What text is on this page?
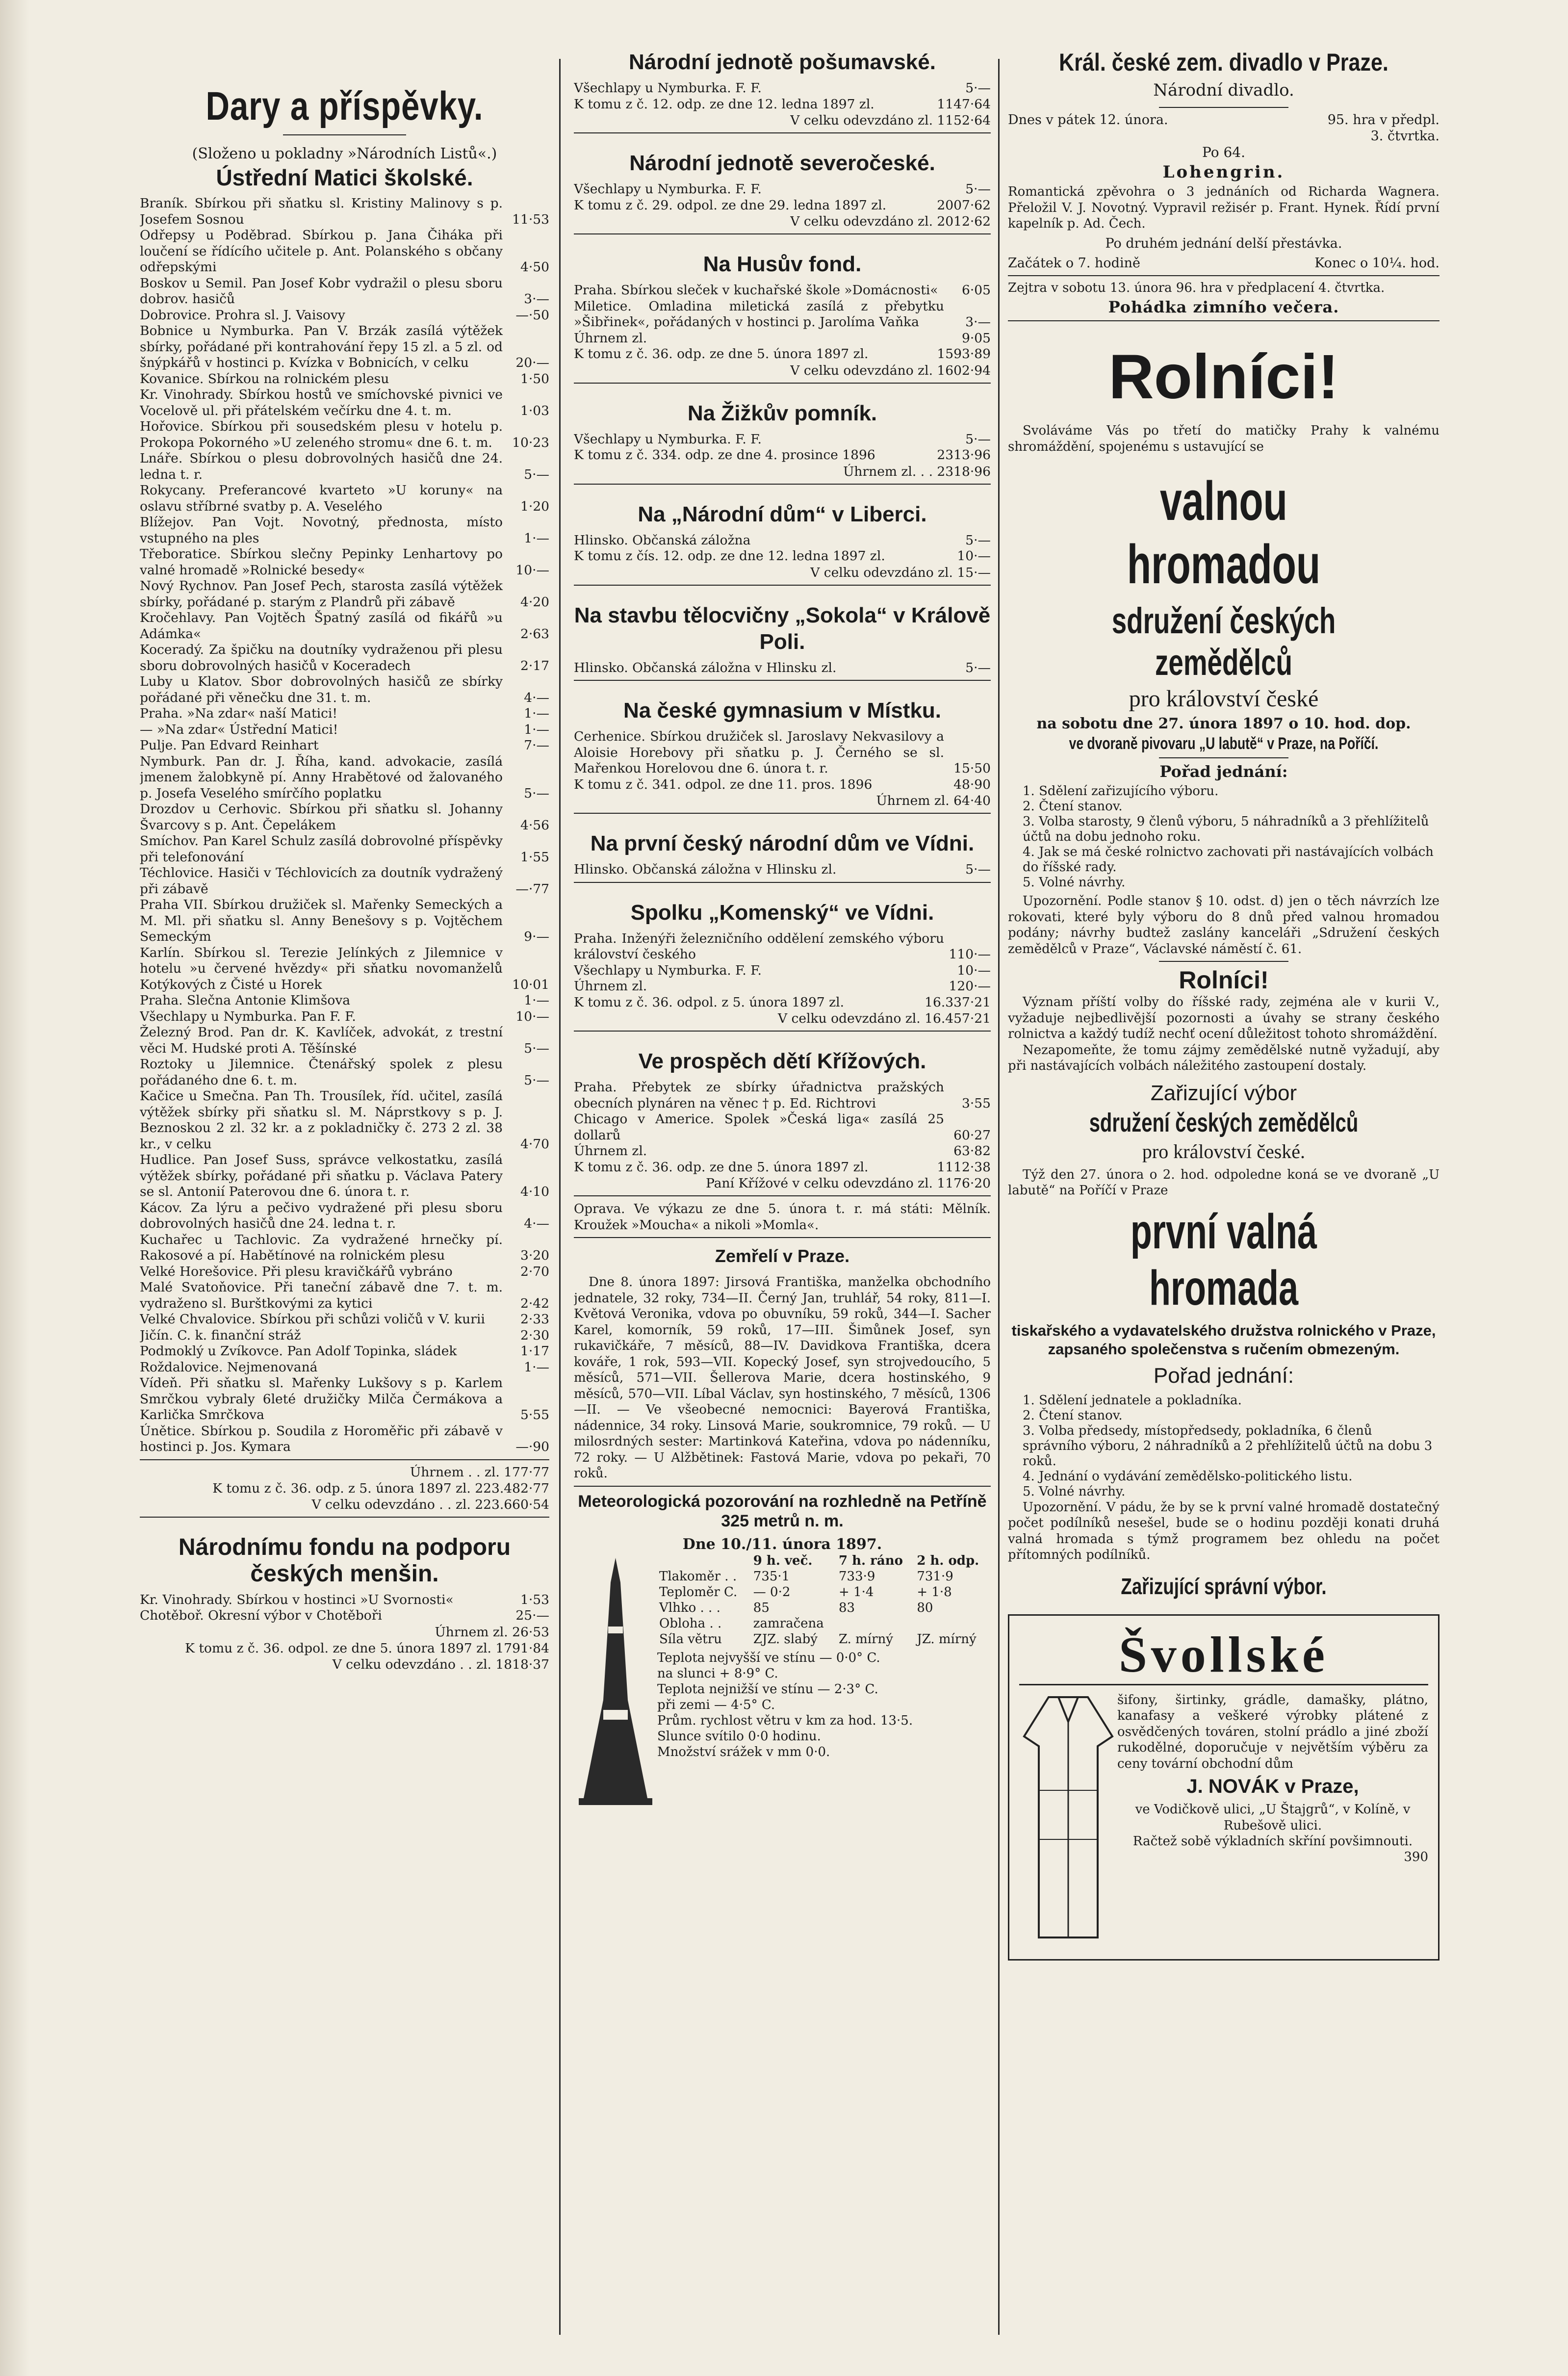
Dary a příspěvky.
(Složeno u pokladny »Národních Listů«.)
Ústřední Matici školské.
Braník. Sbírkou při sňatku sl. Kristiny Malinovy s p. Josefem Sosnou	11·53
Odřepsy u Poděbrad. Sbírkou p. Jana Čiháka při loučení se řídícího učitele p. Ant. Polanského s občany odřepskými	4·50
Boskov u Semil. Pan Josef Kobr vydražil o plesu sboru dobrov. hasičů	3·—
Dobrovice. Prohra sl. J. Vaisovy	—·50
Bobnice u Nymburka. Pan V. Brzák zasílá výtěžek sbírky, pořádané při kontrahování řepy 15 zl. a 5 zl. od šnýpkářů v hostinci p. Kvízka v Bobnicích, v celku	20·—
Kovanice. Sbírkou na rolnickém plesu	1·50
Kr. Vinohrady. Sbírkou hostů ve smíchovské pivnici ve Vocelově ul. při přátelském večírku dne 4. t. m.	1·03
Hořovice. Sbírkou při sousedském plesu v hotelu p. Prokopa Pokorného »U zeleného stromu« dne 6. t. m. 10·23
Lnáře. Sbírkou o plesu dobrovolných hasičů dne 24. ledna t. r.	5·—
Rokycany. Preferancové kvarteto »U koruny« na oslavu stříbrné svatby p. A. Veselého	1·20
Blížejov. Pan Vojt. Novotný, přednosta, místo vstupného na ples	1·—
Třeboratice. Sbírkou slečny Pepinky Lenhartovy po valné hromadě »Rolnické besedy«	10·—
Nový Rychnov. Pan Josef Pech, starosta zasílá výtěžek sbírky, pořádané p. starým z Plandrů při zábavě	4·20
Kročehlavy. Pan Vojtěch Špatný zasílá od fikářů »u Adámka«	2·63
Koceradý. Za špičku na doutníky vydraženou při plesu sboru dobrovolných hasičů v Koceradech	2·17
Luby u Klatov. Sbor dobrovolných hasičů ze sbírky pořádané při věnečku dne 31. t. m.	4·—
Praha. »Na zdar« naší Matici!	1·—
— »Na zdar« Ústřední Matici!	1·—
Pulje. Pan Edvard Reinhart	7·—
Nymburk. Pan dr. J. Říha, kand. advokacie, zasílá jmenem žalobkyně pí. Anny Hrabětové od žalovaného p. Josefa Veselého smírčího poplatku	5·—
Drozdov u Cerhovic. Sbírkou při sňatku sl. Johanny Švarcovy s p. Ant. Čepelákem	4·56
Smíchov. Pan Karel Schulz zasílá dobrovolné příspěvky při telefonování	1·55
Téchlovice. Hasiči v Téchlovicích za doutník vydražený při zábavě	—·77
Praha VII. Sbírkou družiček sl. Mařenky Semeckých a M. Ml. při sňatku sl. Anny Benešovy s p. Vojtěchem Semeckým	9·—
Karlín. Sbírkou sl. Terezie Jelínkých z Jilemnice v hotelu »u červené hvězdy« při sňatku novomanželů Kotýkových z Čisté u Horek	10·01
Praha. Slečna Antonie Klimšova	1·—
Všechlapy u Nymburka. Pan F. F.	10·—
Železný Brod. Pan dr. K. Kavlíček, advokát, z trestní věci M. Hudské proti A. Těšínské	5·—
Roztoky u Jilemnice. Čtenářský spolek z plesu pořádaného dne 6. t. m.	5·—
Kačice u Smečna. Pan Th. Trousílek, říd. učitel, zasílá výtěžek sbírky při sňatku sl. M. Náprstkovy s p. J. Beznoskou 2 zl. 32 kr. a z pokladničky č. 273 2 zl. 38 kr., v celku	4·70
Hudlice. Pan Josef Suss, správce velkostatku, zasílá výtěžek sbírky, pořádané při sňatku p. Václava Patery se sl. Antonií Paterovou dne 6. února t. r.	4·10
Kácov. Za lýru a pečivo vydražené při plesu sboru dobrovolných hasičů dne 24. ledna t. r.	4·—
Kuchařec u Tachlovic. Za vydražené hrnečky pí. Rakosové a pí. Habětínové na rolnickém plesu	3·20
Velké Horešovice. Při plesu kravičkářů vybráno	2·70
Malé Svatoňovice. Při taneční zábavě dne 7. t. m. vydraženo sl. Burštkovými za kytici	2·42
Velké Chvalovice. Sbírkou při schůzi voličů v V. kurii	2·33
Jičín. C. k. finanční stráž	2·30
Podmoklý u Zvíkovce. Pan Adolf Topinka, sládek	1·17
Roždalovice. Nejmenovaná	1·—
Vídeň. Při sňatku sl. Mařenky Lukšovy s p. Karlem Smrčkou vybraly 6leté družičky Milča Čermákova a Karlička Smrčkova	5·55
Únětice. Sbírkou p. Soudila z Horoměřic při zábavě v hostinci p. Jos. Kymara	—·90
Úhrnem . . zl. 177·77
K tomu z č. 36. odp. z 5. února 1897 zl. 223.482·77
V celku odevzdáno . . zl. 223.660·54
Národnímu fondu na podporu českých menšin.
Kr. Vinohrady. Sbírkou v hostinci »U Svornosti«	1·53
Chotěboř. Okresní výbor v Chotěboři	25·—
Úhrnem zl. 26·53
K tomu z č. 36. odpol. ze dne 5. února 1897 zl. 1791·84
V celku odevzdáno . . zl. 1818·37
Národní jednotě pošumavské.
Všechlapy u Nymburka. F. F.	5·—
K tomu z č. 12. odp. ze dne 12. ledna 1897 zl.	1147·64
V celku odevzdáno zl. 1152·64
Národní jednotě severočeské.
Všechlapy u Nymburka. F. F.	5·—
K tomu z č. 29. odpol. ze dne 29. ledna 1897 zl.	2007·62
V celku odevzdáno zl. 2012·62
Na Husův fond.
Praha. Sbírkou sleček v kuchařské škole »Domácnosti« 6·05
Miletice. Omladina miletická zasílá z přebytku »Šibřinek«, pořádaných v hostinci p. Jarolíma Vaňka	3·—
Úhrnem zl.	9·05
K tomu z č. 36. odp. ze dne 5. února 1897 zl.	1593·89
V celku odevzdáno zl. 1602·94
Na Žižkův pomník.
Všechlapy u Nymburka. F. F.	5·—
K tomu z č. 334. odp. ze dne 4. prosince 1896	2313·96
Úhrnem zl. . . 2318·96
Na „Národní dům“ v Liberci.
Hlinsko. Občanská záložna	5·—
K tomu z čís. 12. odp. ze dne 12. ledna 1897 zl.	10·—
V celku odevzdáno zl. 15·—
Na stavbu tělocvičny „Sokola“ v Králově Poli.
Hlinsko. Občanská záložna v Hlinsku zl.	5·—
Na české gymnasium v Místku.
Cerhenice. Sbírkou družiček sl. Jaroslavy Nekvasilovy a Aloisie Horebovy při sňatku p. J. Černého se sl. Mařenkou Horelovou dne 6. února t. r.	15·50
K tomu z č. 341. odpol. ze dne 11. pros. 1896	48·90
Úhrnem zl. 64·40
Na první český národní dům ve Vídni.
Hlinsko. Občanská záložna v Hlinsku zl.	5·—
Spolku „Komenský“ ve Vídni.
Praha. Inženýři železničního oddělení zemského výboru království českého	110·—
Všechlapy u Nymburka. F. F.	10·—
Úhrnem zl.	120·—
K tomu z č. 36. odpol. z 5. února 1897 zl.	16.337·21
V celku odevzdáno zl. 16.457·21
Ve prospěch dětí Křížových.
Praha. Přebytek ze sbírky úřadnictva pražských obecních plynáren na věnec † p. Ed. Richtrovi	3·55
Chicago v Americe. Spolek »Česká liga« zasílá 25 dollarů	60·27
Úhrnem zl.	63·82
K tomu z č. 36. odp. ze dne 5. února 1897 zl.	1112·38
Paní Křížové v celku odevzdáno zl. 1176·20
Oprava. Ve výkazu ze dne 5. února t. r. má státi: Mělník. Kroužek »Moucha« a nikoli »Momla«.
Zemřelí v Praze.
Dne 8. února 1897: Jirsová Františka, manželka obchodního jednatele, 32 roky, 734—II. Černý Jan, truhlář, 54 roky, 811—I. Květová Veronika, vdova po obuvníku, 59 roků, 344—I. Sacher Karel, komorník, 59 roků, 17—III. Šimůnek Josef, syn rukavičkáře, 7 měsíců, 88—IV. Davidkova Františka, dcera kováře, 1 rok, 593—VII. Kopecký Josef, syn strojvedoucího, 5 měsíců, 571—VII. Šellerova Marie, dcera hostinského, 9 měsíců, 570—VII. Líbal Václav, syn hostinského, 7 měsíců, 1306—II. — Ve všeobecné nemocnici: Bayerová Františka, nádennice, 34 roky. Linsová Marie, soukromnice, 79 roků. — U milosrdných sester: Martinková Kateřina, vdova po nádenníku, 72 roky. — U Alžbětinek: Fastová Marie, vdova po pekaři, 70 roků.
Meteorologická pozorování na rozhledně na Petříně 325 metrů n. m.
Dne 10./11. února 1897.
	9 h. več.	7 h. ráno	2 h. odp.
Tlakoměr . .	735·1	733·9	731·9
Teploměr C.	— 0·2	+ 1·4	+ 1·8
Vlhko . . .	85	83	80
Obloha . .	zamračena		
Síla větru	ZJZ. slabý	Z. mírný	JZ. mírný
Teplota nejvyšší ve stínu — 0·0° C.
na slunci + 8·9° C.
Teplota nejnižší ve stínu — 2·3° C.
při zemi — 4·5° C.
Prům. rychlost větru v km za hod. 13·5.
Slunce svítilo 0·0 hodinu.
Množství srážek v mm 0·0.
Král. české zem. divadlo v Praze.
Národní divadlo.
Dnes v pátek 12. února.	95. hra v předpl. 3. čtvrtka.
Po 64.
Lohengrin.
Romantická zpěvohra o 3 jednáních od Richarda Wagnera. Přeložil V. J. Novotný. Vypravil režisér p. Frant. Hynek. Řídí první kapelník p. Ad. Čech.
Po druhém jednání delší přestávka.
Začátek o 7. hodině	Konec o 10¼. hod.
Zejtra v sobotu 13. února 96. hra v předplacení 4. čtvrtka.
Pohádka zimního večera.
Rolníci!
Svoláváme Vás po třetí do matičky Prahy k valnému shromáždění, spojenému s ustavující se
valnou hromadou
sdružení českých zemědělců
pro království české
na sobotu dne 27. února 1897 o 10. hod. dop.
ve dvoraně pivovaru „U labutě“ v Praze, na Poříčí.
Pořad jednání:
1. Sdělení zařizujícího výboru.
2. Čtení stanov.
3. Volba starosty, 9 členů výboru, 5 náhradníků a 3 přehlížitelů účtů na dobu jednoho roku.
4. Jak se má české rolnictvo zachovati při nastávajících volbách do říšské rady.
5. Volné návrhy.
Upozornění. Podle stanov § 10. odst. d) jen o těch návrzích lze rokovati, které byly výboru do 8 dnů před valnou hromadou podány; návrhy budtež zaslány kanceláři „Sdružení českých zemědělců v Praze“, Václavské náměstí č. 61.
Rolníci!
Význam příští volby do říšské rady, zejména ale v kurii V., vyžaduje nejbedlivější pozornosti a úvahy se strany českého rolnictva a každý tudíž nechť ocení důležitost tohoto shromáždění.
Nezapomeňte, že tomu zájmy zemědělské nutně vyžadují, aby při nastávajících volbách náležitého zastoupení dostaly.
Zařizující výbor
sdružení českých zemědělců
pro království české.
Týž den 27. února o 2. hod. odpoledne koná se ve dvoraně „U labutě“ na Poříčí v Praze
první valná hromada
tiskařského a vydavatelského družstva rolnického v Praze, zapsaného společenstva s ručením obmezeným.
Pořad jednání:
1. Sdělení jednatele a pokladníka.
2. Čtení stanov.
3. Volba předsedy, místopředsedy, pokladníka, 6 členů správního výboru, 2 náhradníků a 2 přehlížitelů účtů na dobu 3 roků.
4. Jednání o vydávání zemědělsko-politického listu.
5. Volné návrhy.
Upozornění. V pádu, že by se k první valné hromadě dostatečný počet podílníků nesešel, bude se o hodinu později konati druhá valná hromada s týmž programem bez ohledu na počet přítomných podílníků.
Zařizující správní výbor.
Švollské
šifony, širtinky, grádle, damašky, plátno, kanafasy a veškeré výrobky plátené z osvědčených továren, stolní prádlo a jiné zboží rukodělné, doporučuje v největším výběru za ceny tovární obchodní dům
J. NOVÁK v Praze,
ve Vodičkově ulici, „U Štajgrů“, v Kolíně, v Rubešově ulici.
Račtež sobě výkladních skříní povšimnouti.
390
